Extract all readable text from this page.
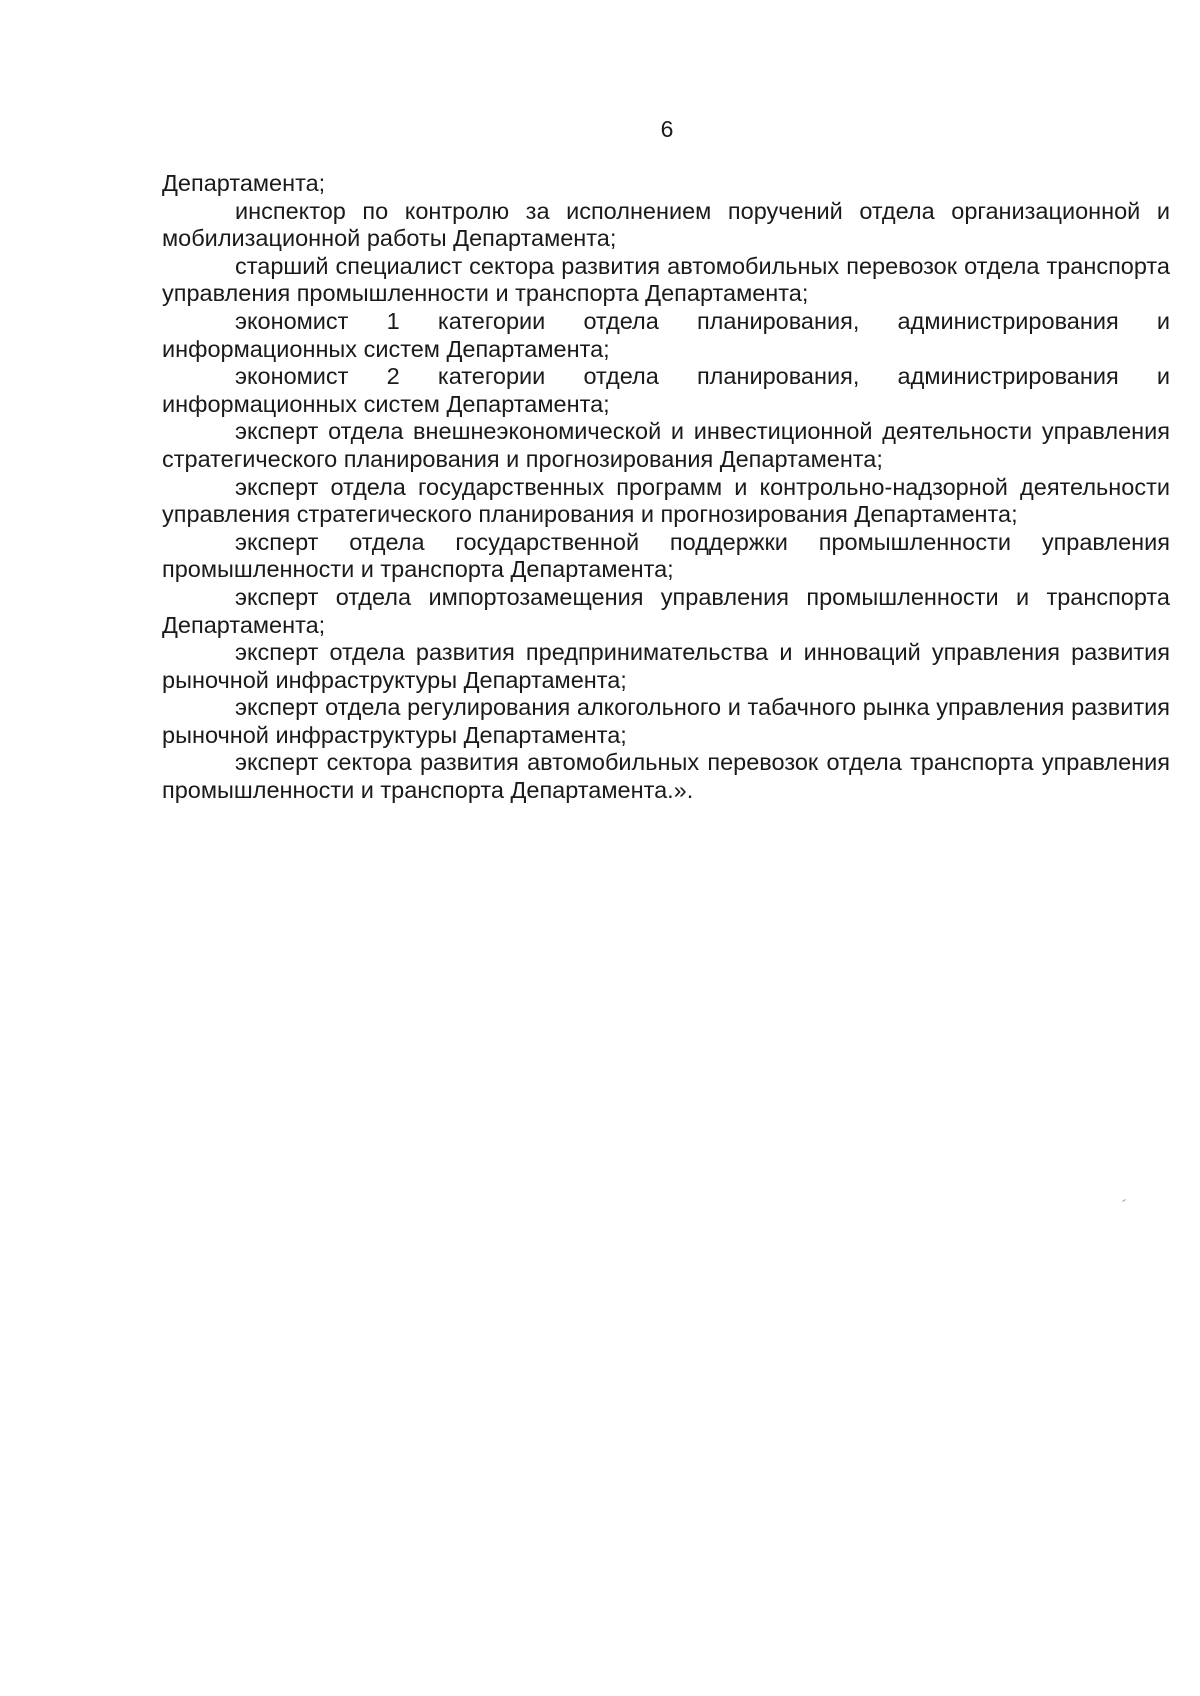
6

Департамента;

инспектор по контролю за исполнением поручений отдела организационной и мобилизационной работы Департамента;

старший специалист сектора развития автомобильных перевозок отдела транспорта управления промышленности и транспорта Департамента;

экономист 1 категории отдела планирования, администрирования и информационных систем Департамента;

экономист 2 категории отдела планирования, администрирования и информационных систем Департамента;

эксперт отдела внешнеэкономической и инвестиционной деятельности управления стратегического планирования и прогнозирования Департамента;

эксперт отдела государственных программ и контрольно-надзорной деятельности управления стратегического планирования и прогнозирования Департамента;

эксперт отдела государственной поддержки промышленности управления промышленности и транспорта Департамента;

эксперт отдела импортозамещения управления промышленности и транспорта Департамента;

эксперт отдела развития предпринимательства и инноваций управления развития рыночной инфраструктуры Департамента;

эксперт отдела регулирования алкогольного и табачного рынка управления развития рыночной инфраструктуры Департамента;

эксперт сектора развития автомобильных перевозок отдела транспорта управления промышленности и транспорта Департамента.».
